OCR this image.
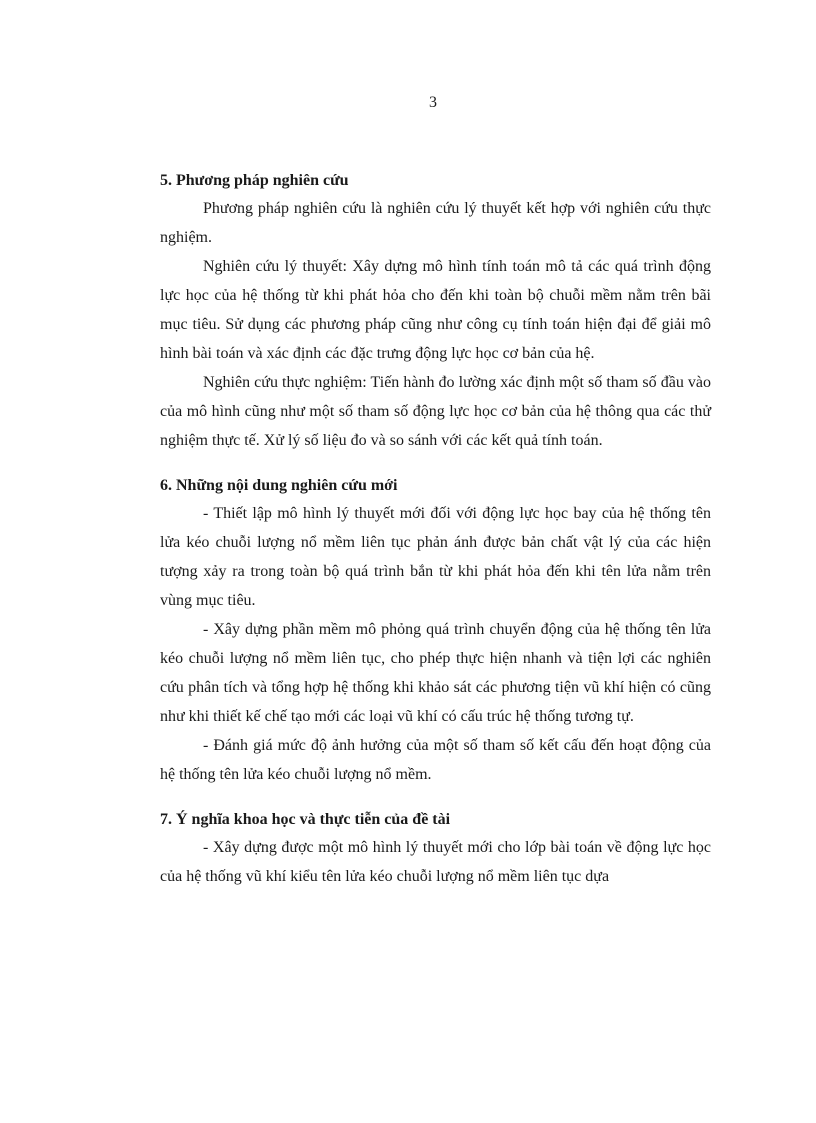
3

5. Phương pháp nghiên cứu

Phương pháp nghiên cứu là nghiên cứu lý thuyết kết hợp với nghiên cứu thực nghiệm.

Nghiên cứu lý thuyết: Xây dựng mô hình tính toán mô tả các quá trình động lực học của hệ thống từ khi phát hỏa cho đến khi toàn bộ chuỗi mềm nằm trên bãi mục tiêu. Sử dụng các phương pháp cũng như công cụ tính toán hiện đại để giải mô hình bài toán và xác định các đặc trưng động lực học cơ bản của hệ.

Nghiên cứu thực nghiệm: Tiến hành đo lường xác định một số tham số đầu vào của mô hình cũng như một số tham số động lực học cơ bản của hệ thông qua các thử nghiệm thực tế. Xử lý số liệu đo và so sánh với các kết quả tính toán.

6. Những nội dung nghiên cứu mới

- Thiết lập mô hình lý thuyết mới đối với động lực học bay của hệ thống tên lửa kéo chuỗi lượng nổ mềm liên tục phản ánh được bản chất vật lý của các hiện tượng xảy ra trong toàn bộ quá trình bắn từ khi phát hỏa đến khi tên lửa nằm trên vùng mục tiêu.

- Xây dựng phần mềm mô phỏng quá trình chuyển động của hệ thống tên lửa kéo chuỗi lượng nổ mềm liên tục, cho phép thực hiện nhanh và tiện lợi các nghiên cứu phân tích và tổng hợp hệ thống khi khảo sát các phương tiện vũ khí hiện có cũng như khi thiết kế chế tạo mới các loại vũ khí có cấu trúc hệ thống tương tự.

- Đánh giá mức độ ảnh hưởng của một số tham số kết cấu đến hoạt động của hệ thống tên lửa kéo chuỗi lượng nổ mềm.

7. Ý nghĩa khoa học và thực tiễn của đề tài

- Xây dựng được một mô hình lý thuyết mới cho lớp bài toán về động lực học của hệ thống vũ khí kiểu tên lửa kéo chuỗi lượng nổ mềm liên tục dựa
